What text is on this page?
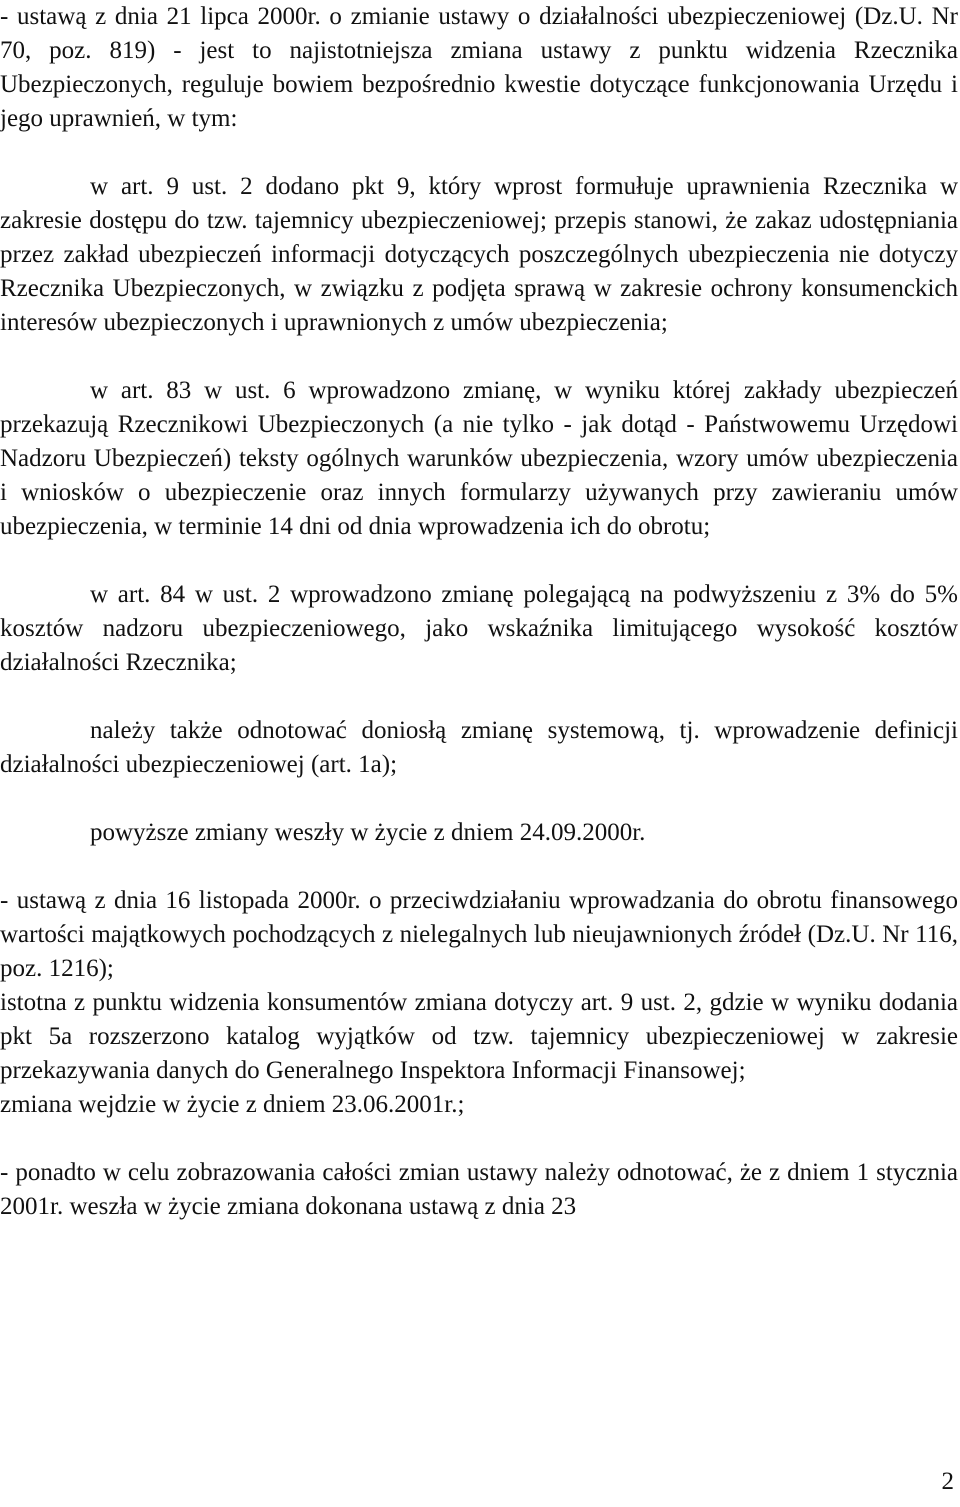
- ustawą z dnia 21 lipca 2000r. o zmianie ustawy o działalności ubezpieczeniowej (Dz.U. Nr 70, poz. 819) - jest to najistotniejsza zmiana ustawy z punktu widzenia Rzecznika Ubezpieczonych, reguluje bowiem bezpośrednio kwestie dotyczące funkcjonowania Urzędu i jego uprawnień, w tym:

w art. 9 ust. 2 dodano pkt 9, który wprost formułuje uprawnienia Rzecznika w zakresie dostępu do tzw. tajemnicy ubezpieczeniowej; przepis stanowi, że zakaz udostępniania przez zakład ubezpieczeń informacji dotyczących poszczególnych ubezpieczenia nie dotyczy Rzecznika Ubezpieczonych, w związku z podjęta sprawą w zakresie ochrony konsumenckich interesów ubezpieczonych i uprawnionych z umów ubezpieczenia;

w art. 83 w ust. 6 wprowadzono zmianę, w wyniku której zakłady ubezpieczeń przekazują Rzecznikowi Ubezpieczonych (a nie tylko - jak dotąd - Państwowemu Urzędowi Nadzoru Ubezpieczeń) teksty ogólnych warunków ubezpieczenia, wzory umów ubezpieczenia i wniosków o ubezpieczenie oraz innych formularzy używanych przy zawieraniu umów ubezpieczenia, w terminie 14 dni od dnia wprowadzenia ich do obrotu;

w art. 84 w ust. 2 wprowadzono zmianę polegającą na podwyższeniu z 3% do 5% kosztów nadzoru ubezpieczeniowego, jako wskaźnika limitującego wysokość kosztów działalności Rzecznika;

należy także odnotować doniosłą zmianę systemową, tj. wprowadzenie definicji działalności ubezpieczeniowej (art. 1a);

powyższe zmiany weszły w życie z dniem 24.09.2000r.

- ustawą z dnia 16 listopada 2000r. o przeciwdziałaniu wprowadzania do obrotu finansowego wartości majątkowych pochodzących z nielegalnych lub nieujawnionych źródeł (Dz.U. Nr 116, poz. 1216);

istotna z punktu widzenia konsumentów zmiana dotyczy art. 9 ust. 2, gdzie w wyniku dodania pkt 5a rozszerzono katalog wyjątków od tzw. tajemnicy ubezpieczeniowej w zakresie przekazywania danych do Generalnego Inspektora Informacji Finansowej;

zmiana wejdzie w życie z dniem 23.06.2001r.;

- ponadto w celu zobrazowania całości zmian ustawy należy odnotować, że z dniem 1 stycznia 2001r. weszła w życie zmiana dokonana ustawą z dnia 23

2
